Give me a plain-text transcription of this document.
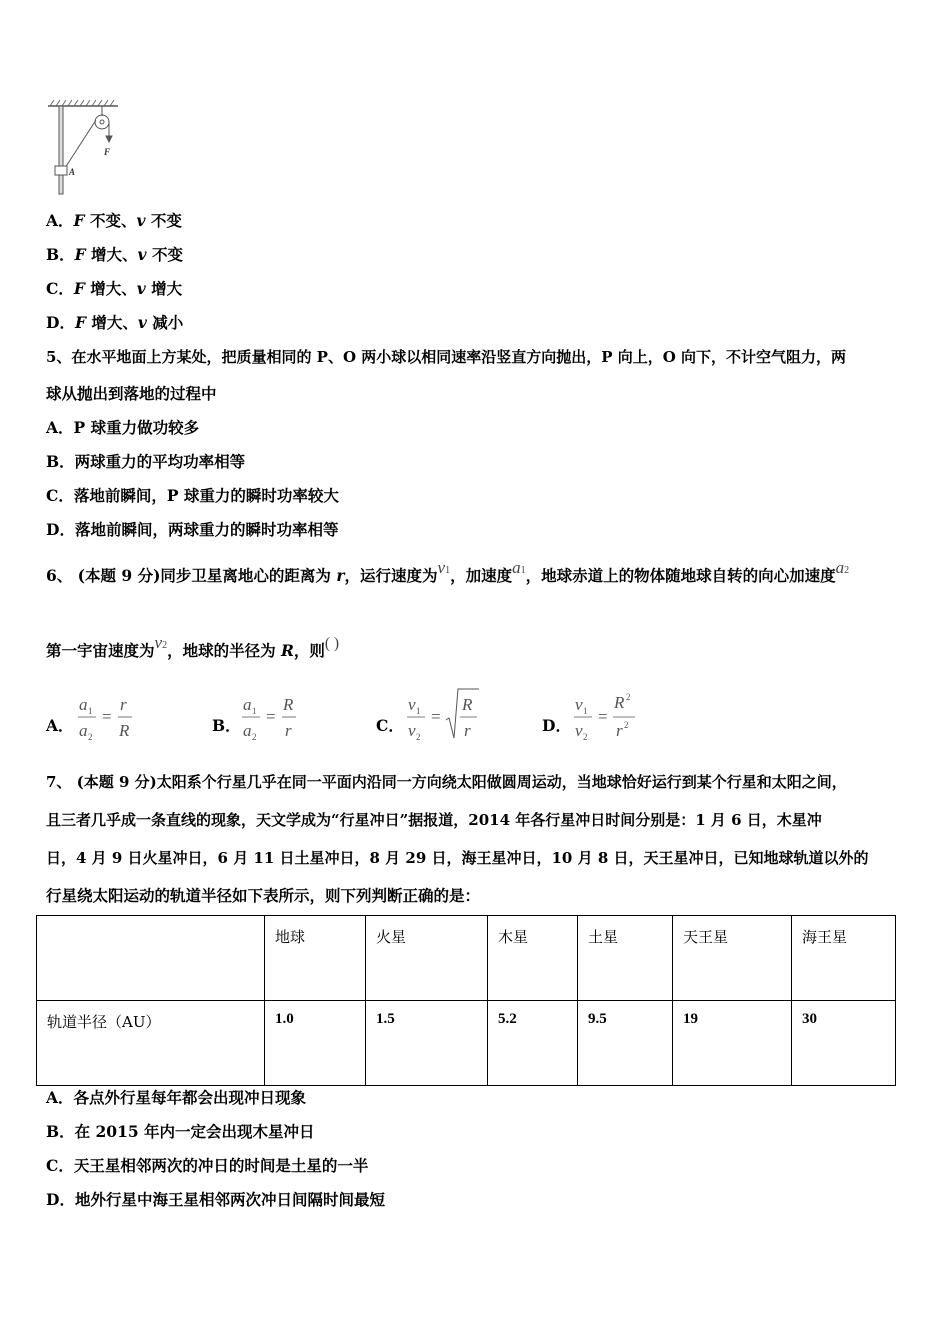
F
A
A．F 不变、v 不变
B．F 增大、v 不变
C．F 增大、v 增大
D．F 增大、v 减小
5、在水平地面上方某处，把质量相同的 P、O 两小球以相同速率沿竖直方向抛出，P 向上，O 向下，不计空气阻力，两
球从抛出到落地的过程中
A．P 球重力做功较多
B．两球重力的平均功率相等
C．落地前瞬间，P 球重力的瞬时功率较大
D．落地前瞬间，两球重力的瞬时功率相等
6、 (本题 9 分)同步卫星离地心的距离为 r，运行速度为v1，加速度a1，地球赤道上的物体随地球自转的向心加速度a2
第一宇宙速度为v2，地球的半径为 R，则( )
A．
a 1
a 2
=
r
R	B．
a 1
a 2
=
R
r	C．
v 1
v 2
=
R
r	D．
v 1
v 2
=
R 2
r 2
7、 (本题 9 分)太阳系个行星几乎在同一平面内沿同一方向绕太阳做圆周运动，当地球恰好运行到某个行星和太阳之间，
且三者几乎成一条直线的现象，天文学成为“行星冲日”据报道，2014 年各行星冲日时间分别是：1 月 6 日，木星冲
日，4 月 9 日火星冲日，6 月 11 日土星冲日，8 月 29 日，海王星冲日，10 月 8 日，天王星冲日，已知地球轨道以外的
行星绕太阳运动的轨道半径如下表所示，则下列判断正确的是：
	地球	火星	木星	土星	天王星	海王星
轨道半径（AU）	1.0	1.5	5.2	9.5	19	30
A．各点外行星每年都会出现冲日现象
B．在 2015 年内一定会出现木星冲日
C．天王星相邻两次的冲日的时间是土星的一半
D．地外行星中海王星相邻两次冲日间隔时间最短
